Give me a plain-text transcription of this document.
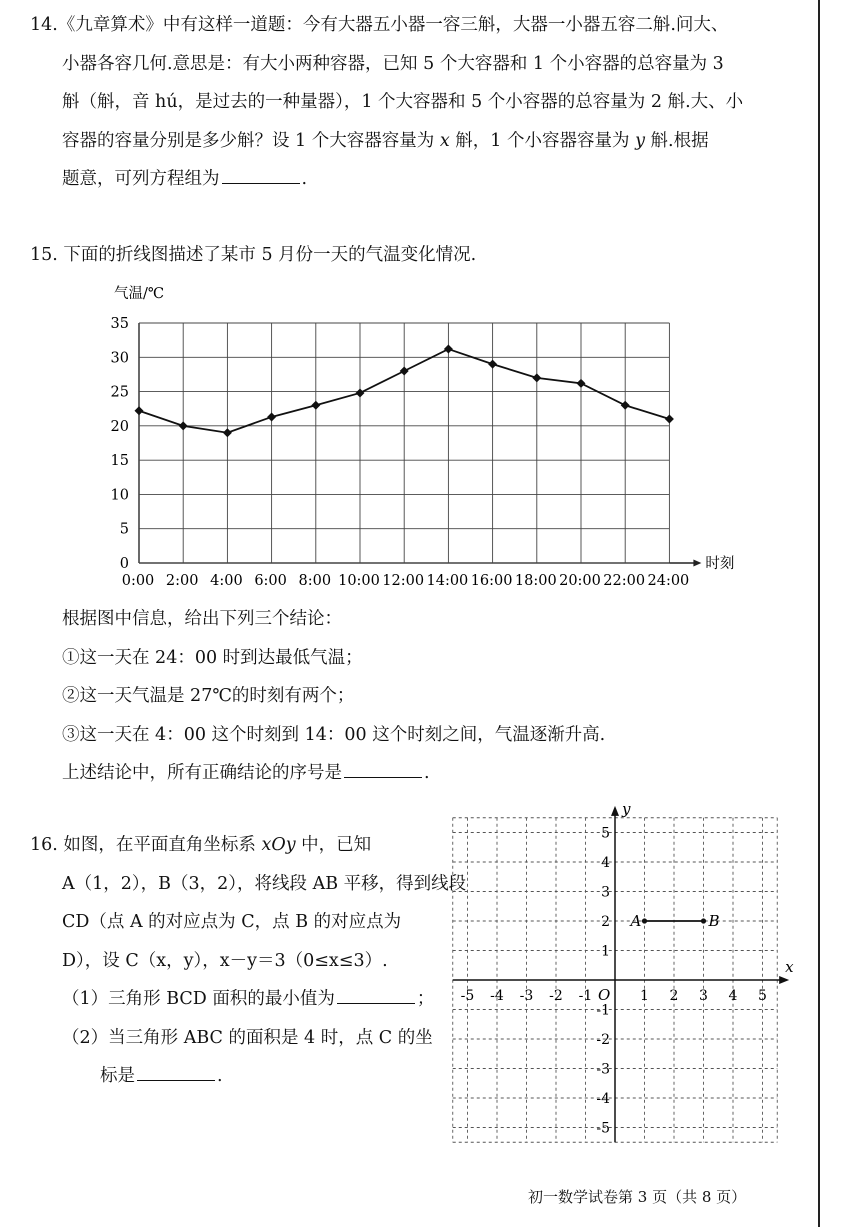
14.《九章算术》中有这样一道题：今有大器五小器一容三斛，大器一小器五容二斛.问大、
小器各容几何.意思是：有大小两种容器，已知 5 个大容器和 1 个小容器的总容量为 3
斛（斛，音 hú，是过去的一种量器），1 个大容器和 5 个小容器的总容量为 2 斛.大、小
容器的容量分别是多少斛？设 1 个大容器容量为 x 斛，1 个小容器容量为 y 斛.根据
题意，可列方程组为	.
15. 下面的折线图描述了某市 5 月份一天的气温变化情况.
0
5
10
15
20
25
30
35
0:00 2:00 4:00 6:00 8:00 10:00 12:00 14:00 16:00 18:00 20:00 22:00 24:00
气温/℃
时刻
根据图中信息，给出下列三个结论：
①这一天在 24：00 时到达最低气温；
②这一天气温是 27℃的时刻有两个；
③这一天在 4：00 这个时刻到 14：00 这个时刻之间，气温逐渐升高.
上述结论中，所有正确结论的序号是	.
16. 如图，在平面直角坐标系 xOy 中，已知
A（1，2），B（3，2），将线段 AB 平移，得到线段
CD（点 A 的对应点为 C，点 B 的对应点为
D），设 C（x，y），x－y＝3（0≤x≤3）.
（1）三角形 BCD 面积的最小值为	；
（2）当三角形 ABC 的面积是 4 时，点 C 的坐
标是	.
x
y
O
-5 -4 -3 -2 -1	1 2 3 4 5
5
4
3
2
1
-1
-2
-3
-4
-5
A	B
初一数学试卷第 3 页（共 8 页）
